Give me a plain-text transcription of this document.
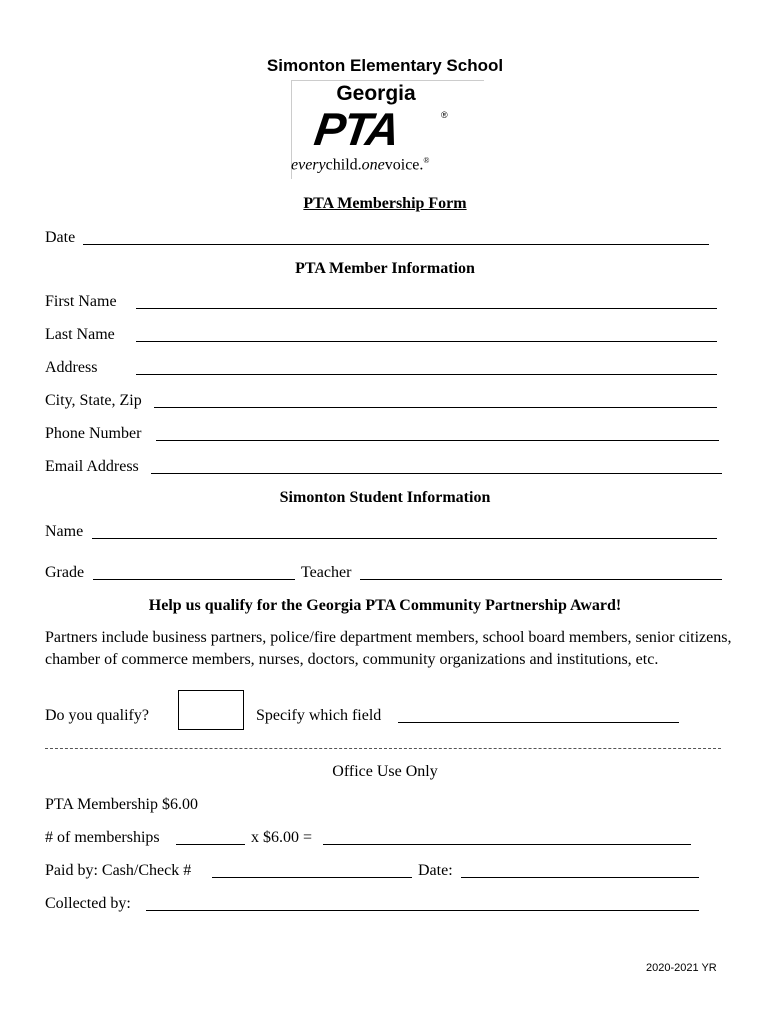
Simonton Elementary School
Georgia
PTA	®
everychild.onevoice.®
PTA Membership Form
Date
PTA Member Information
First Name
Last Name
Address
City, State, Zip
Phone Number
Email Address
Simonton Student Information
Name
Grade	Teacher
Help us qualify for the Georgia PTA Community Partnership Award!
Partners include business partners, police/fire department members, school board members, senior citizens, chamber of commerce members, nurses, doctors, community organizations and institutions, etc.
Do you qualify?	Specify which field
Office Use Only
PTA Membership $6.00
# of memberships	x $6.00 =
Paid by: Cash/Check #	Date:
Collected by:
2020-2021 YR
